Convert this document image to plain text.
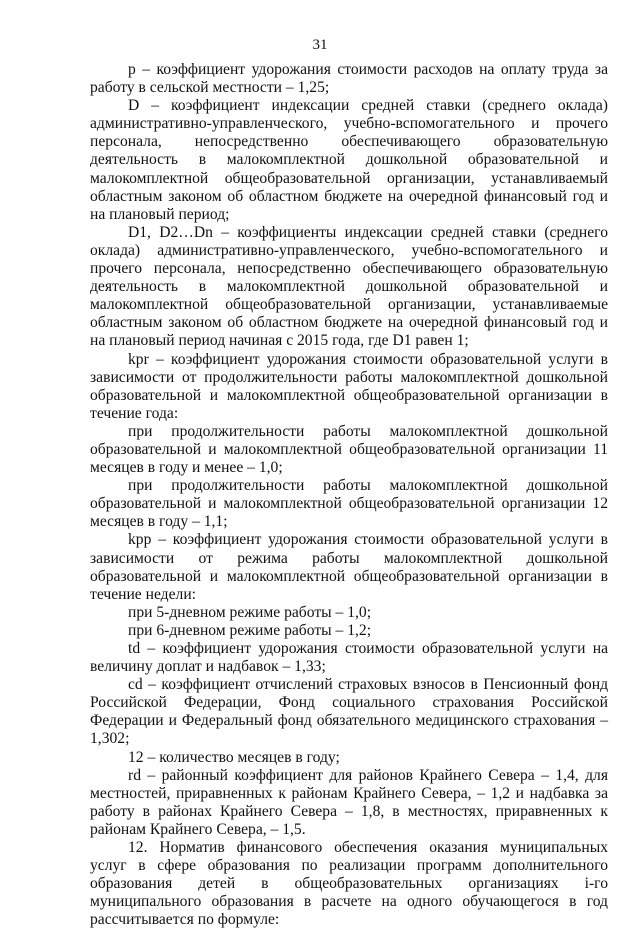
31

р – коэффициент удорожания стоимости расходов на оплату труда за работу в сельской местности – 1,25;

D – коэффициент индексации средней ставки (среднего оклада) административно-управленческого, учебно-вспомогательного и прочего персонала, непосредственно обеспечивающего образовательную деятельность в малокомплектной дошкольной образовательной и малокомплектной общеобразовательной организации, устанавливаемый областным законом об областном бюджете на очередной финансовый год и на плановый период;

D1, D2…Dn – коэффициенты индексации средней ставки (среднего оклада) административно-управленческого, учебно-вспомогательного и прочего персонала, непосредственно обеспечивающего образовательную деятельность в малокомплектной дошкольной образовательной и малокомплектной общеобразовательной организации, устанавливаемые областным законом об областном бюджете на очередной финансовый год и на плановый период начиная с 2015 года, где D1 равен 1;

kpr – коэффициент удорожания стоимости образовательной услуги в зависимости от продолжительности работы малокомплектной дошкольной образовательной и малокомплектной общеобразовательной организации в течение года:

при продолжительности работы малокомплектной дошкольной образовательной и малокомплектной общеобразовательной организации 11 месяцев в году и менее – 1,0;

при продолжительности работы малокомплектной дошкольной образовательной и малокомплектной общеобразовательной организации 12 месяцев в году – 1,1;

kpp – коэффициент удорожания стоимости образовательной услуги в зависимости от режима работы малокомплектной дошкольной образовательной и малокомплектной общеобразовательной организации в течение недели:

при 5-дневном режиме работы – 1,0;

при 6-дневном режиме работы – 1,2;

td – коэффициент удорожания стоимости образовательной услуги на величину доплат и надбавок – 1,33;

cd – коэффициент отчислений страховых взносов в Пенсионный фонд Российской Федерации, Фонд социального страхования Российской Федерации и Федеральный фонд обязательного медицинского страхования – 1,302;

12 – количество месяцев в году;

rd – районный коэффициент для районов Крайнего Севера – 1,4, для местностей, приравненных к районам Крайнего Севера, – 1,2 и надбавка за работу в районах Крайнего Севера – 1,8, в местностях, приравненных к районам Крайнего Севера, – 1,5.

12. Норматив финансового обеспечения оказания муниципальных услуг в сфере образования по реализации программ дополнительного образования детей в общеобразовательных организациях i-го муниципального образования в расчете на одного обучающегося в год рассчитывается по формуле:
